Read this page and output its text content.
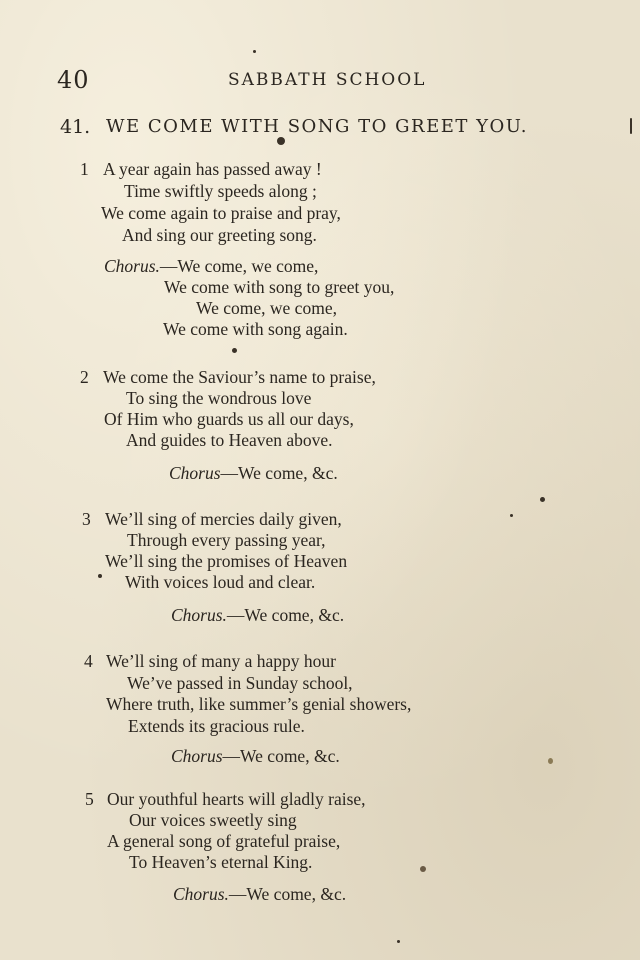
40	SABBATH SCHOOL
41. WE COME WITH SONG TO GREET YOU.
1 A year again has passed away !
Time swiftly speeds along ;
We come again to praise and pray,
And sing our greeting song.
Chorus.—We come, we come,
We come with song to greet you,
We come, we come,
We come with song again.
2 We come the Saviour’s name to praise,
To sing the wondrous love
Of Him who guards us all our days,
And guides to Heaven above.
Chorus—We come, &c.
3 We’ll sing of mercies daily given,
Through every passing year,
We’ll sing the promises of Heaven
With voices loud and clear.
Chorus.—We come, &c.
4 We’ll sing of many a happy hour
We’ve passed in Sunday school,
Where truth, like summer’s genial showers,
Extends its gracious rule.
Chorus—We come, &c.
5 Our youthful hearts will gladly raise,
Our voices sweetly sing
A general song of grateful praise,
To Heaven’s eternal King.
Chorus.—We come, &c.
